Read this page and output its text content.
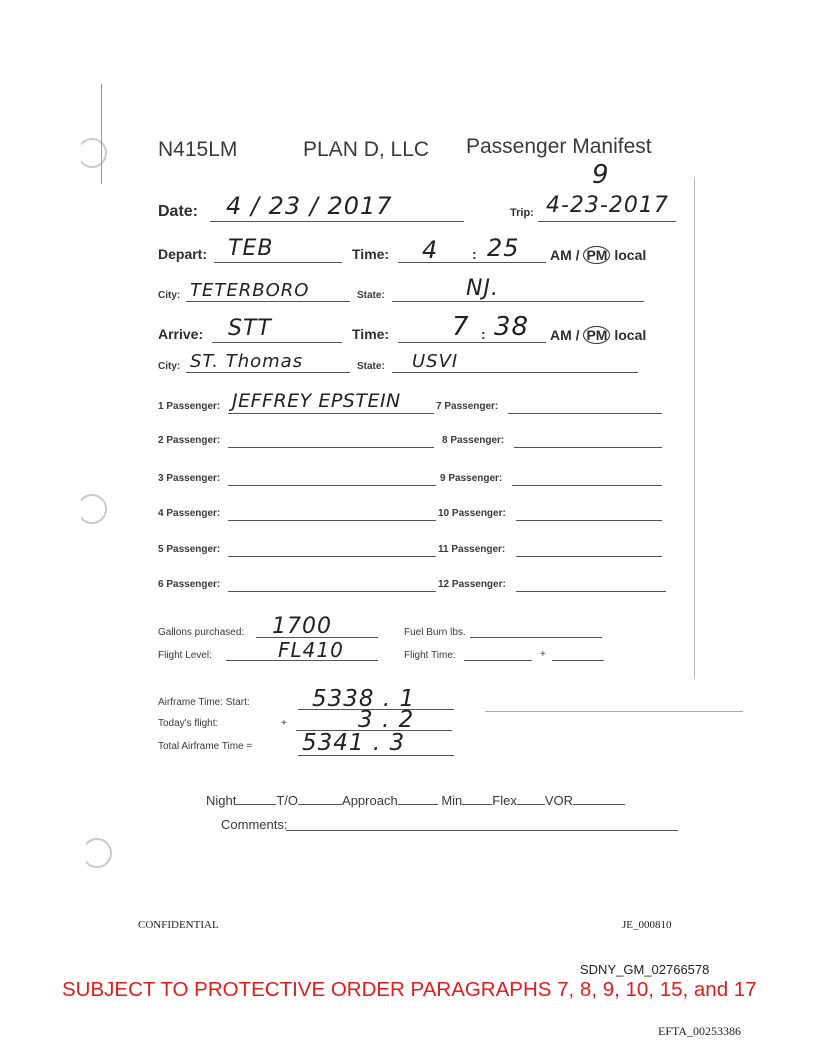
N415LM	PLAN D, LLC Passenger Manifest
9
Date: 4 / 23 / 2017	Trip: 4-23-2017
Depart: TEB	Time: 4 : 25 AM / PM local
City: TETERBORO	State:	NJ.
Arrive: STT	Time: 7 : 38 AM / PM local
City: ST. Thomas	State: USVI
1 Passenger: JEFFREY EPSTEIN	7 Passenger:
2 Passenger:	8 Passenger:
3 Passenger:	9 Passenger:
4 Passenger:	10 Passenger:
5 Passenger:	11 Passenger:
6 Passenger:	12 Passenger:
Gallons purchased: 1700	Fuel Burn lbs.
Flight Level:	FL410	Flight Time:	+
Airframe Time: Start:	5338 . 1
Today's flight:	+	3 . 2
Total Airframe Time = 5341 . 3
Night	T/O	Approach	Min Flex VOR
Comments:
CONFIDENTIAL	JE_000810
SDNY_GM_02766578
SUBJECT TO PROTECTIVE ORDER PARAGRAPHS 7, 8, 9, 10, 15, and 17
EFTA_00253386
